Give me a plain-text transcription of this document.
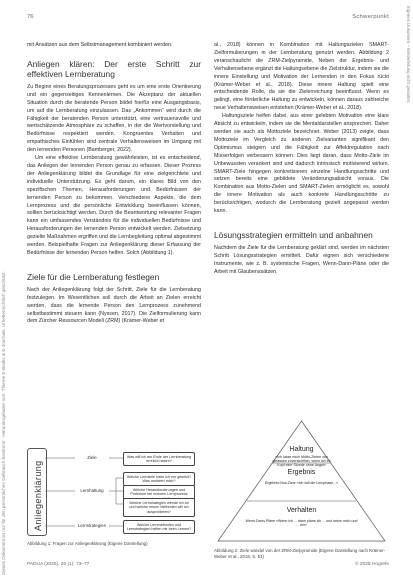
Dieses Dokument ist nur für den persönlichen Gebrauch bestimmt · Heruntergeladen von: Thieme E-Books & E-Journals. Urheberrechtlich geschützt.
Eigenes Dokument – Weiterleitung nicht gestattet.
76	Schwerpunkt

mit Ansätzen aus dem Selbstmanagement kombiniert werden.

Anliegen klären: Der erste Schritt zur effektiven Lernberatung

Zu Beginn eines Beratungsprozesses geht es um eine erste Orientierung und ein gegenseitiges Kennenlernen. Die Akzeptanz der aktuellen Situation durch die beratende Person bildet hierfür eine Ausgangsbasis, um auf die Lernberatung einzulassen. Das „Ankommen“ wird durch die Fähigkeit der beratenden Person unterstützt, eine vertrauensvolle und wertschätzende Atmosphäre zu schaffen, in der die Wertvorstellung und Bedürfnisse respektiert werden. Kongruentes Verhalten und empathisches Einfühlen sind zentrale Verhaltensweisen im Umgang mit den lernenden Personen (Bamberger, 2022).

Um eine effektive Lernberatung gewährleisten, ist es entscheidend, das Anliegen der lernenden Person genau zu erfassen. Dieser Prozess der Anliegenklärung bildet die Grundlage für eine zielgerichtete und individuelle Unterstützung. Es geht darum, ein klares Bild von den spezifischen Themen, Herausforderungen und Bedürfnissen der lernenden Person zu bekommen. Verschiedene Aspekte, die dem Lernprozess und die persönliche Entwicklung beeinflussen können, sollten berücksichtigt werden. Durch die Beantwortung relevanter Fragen kann ein umfassendes Verständnis für die individuellen Bedürfnisse und Herausforderungen der lernenden Person entwickelt werden. Zielsetzung gezielte Maßnahmen ergriffen und die Lernbegleitung optimal abgestimmt werden. Beispielhafte Fragen zur Anliegenklärung dieser Erfassung der Bedürfnisse der lernenden Person helfen. Solch (Abbildung 1).

Ziele für die Lernberatung festlegen

Nach der Anliegenklärung folgt der Schritt, Ziele für die Lernberatung festzulegen. Im Wesentlichen soll durch die Arbeit an Zielen erreicht werden, dass die lernende Person den Lernprozess zunehmend selbstbestimmt steuern kann (Nyssen, 2017). Die Zielformulierung kann dem Zürcher Ressourcen Modell (ZRM) (Krämer-Weber et

Anliegenklärung
Ziele
Lernhaltung
Lernstrategien
Was will ich am Ende der Lernberatung erreicht haben?
Welche Lernziele habe ich mir gesetzt? Was motiviert mich?
Welche Herausforderungen und Probleme bei meinem Lernprozess
Welche Lernstrategien wende ich an und welche neuen Methoden will ich ausprobieren?
Welche Lernmethoden und Lernstrategien helfen mir beim Lernen?
Abbildung 1: Fragen zur Anliegenklärung (Eigene Darstellung)

al., 2018) können in Kombination mit Haltungszielen SMART-Zielformulierungen in der Lernberatung genutzt werden. Abbildung 2 veranschaulicht die ZRM-Zielpyramide, Neben der Ergebnis- und Verhaltensebene ergänzt die Haltungsebene die Zielstruktur, indem sie die innere Einstellung und Motivation der Lernenden in den Fokus rückt (Krämer-Weber et al., 2018). Diese innere Haltung spielt eine entscheidende Rolle, da sie die Zielerreichung beeinflusst. Wenn es gelingt, eine förderliche Haltung zu entwickeln, können daraus zahlreiche neue Verhaltensweisen entstehen (Krämer-Weber et al., 2018).

Haltungsziele helfen dabei, aus einer gelebten Motivation eine klare Absicht zu entwickeln, indem sie die Mentaldarstellen ansprechen. Daher werden sie auch als Mottoziele bezeichnet. Weber (2013) zeigte, dass Mottoziele im Vergleich zu anderen Zielvarianten signifikant den Optimismus steigern und die Fähigkeit zur Affektregulation nach Misserfolgen verbessern können. Dies liegt daran, dass Motto-Ziele im Unbewussten verankert sind und dadurch intrinsisch motivierend wirken. SMART-Ziele hingegen konkretisieren einzelne Handlungsschritte und setzen bereits eine gebildete Veränderungsabsicht voraus. Die Kombination aus Motto-Zielen und SMART-Zielen ermöglicht es, sowohl die innere Motivation als auch konkrete Handlungsschritte zu berücksichtigen, wodurch die Lernberatung gezielt angepasst werden kann.

Lösungsstrategien ermitteln und anbahnen

Nachdem die Ziele für die Lernberatung geklärt sind, werden im nächsten Schritt Lösungsstrategien ermittelt. Dafür eignen sich verschiedene Instrumente, wie z. B. systemische Fragen, Wenn-Dann-Pläne oder die Arbeit mit Glaubenssätzen.

Haltung
»Ich lasse mich Motto-Zielen von gelassen zuversichtlich, wenn ich im Kopf eine Stunde ohne Angst«
Ergebnis
Ergebnis-Nus-Ziele »Ich will die Lernphase...«
Verhalten
Wenn-Dann-Pläne »Wenn ich ... dann plane ich ... und setze mich und ... ein«
Abbildung 2: Ziele wandel von der ZRM-Zielpyramide (Eigene Darstellung nach Krämer-Weber et al., 2018, S. 53)
PADUA (2025), 20 (1): 73–77	© 2025 Hogrefe
